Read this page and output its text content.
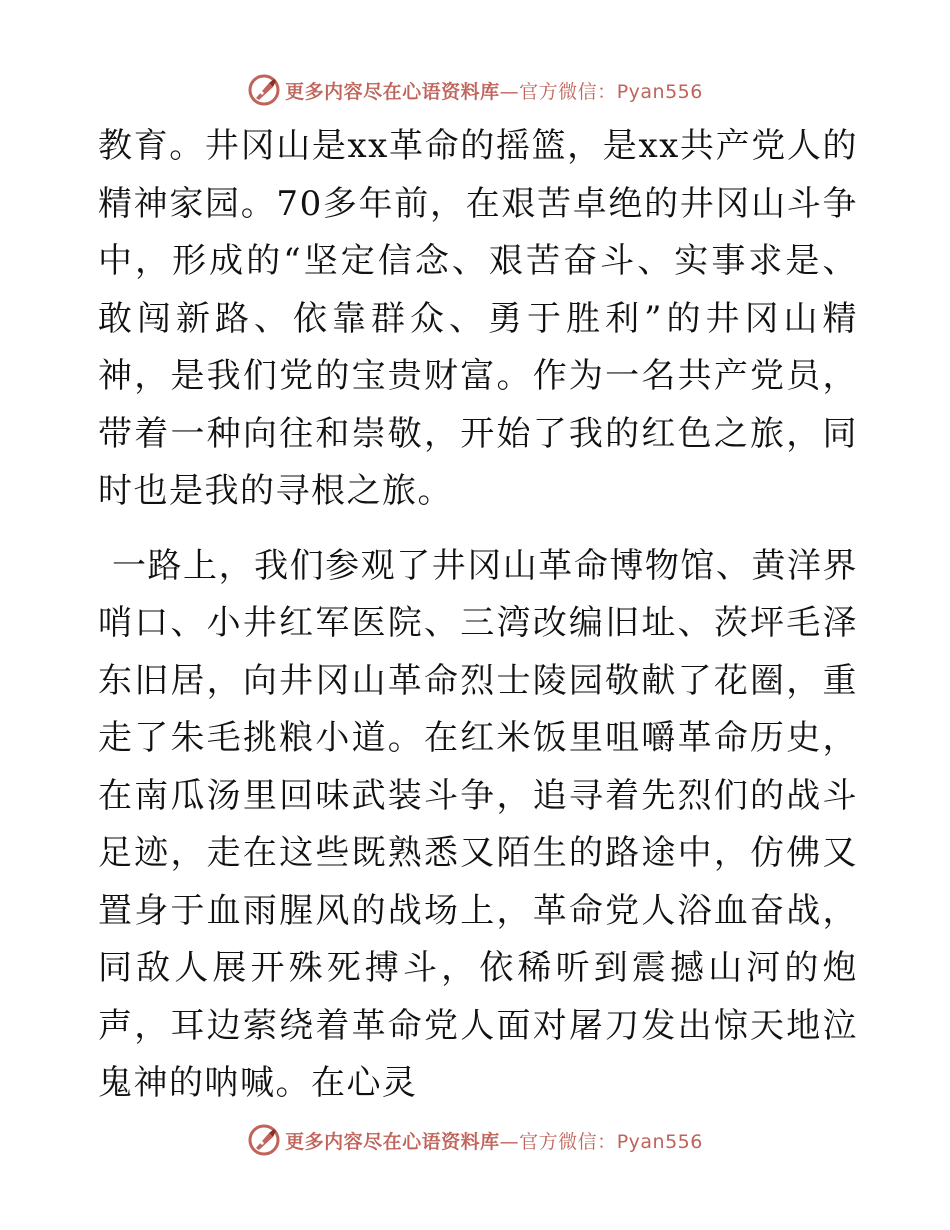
更多内容尽在心语资料库—官方微信：Pyan556

教育。井冈山是xx革命的摇篮，是xx共产党人的精神家园。70多年前，在艰苦卓绝的井冈山斗争中，形成的“坚定信念、艰苦奋斗、实事求是、敢闯新路、依靠群众、勇于胜利”的井冈山精神，是我们党的宝贵财富。作为一名共产党员，带着一种向往和崇敬，开始了我的红色之旅，同时也是我的寻根之旅。

一路上，我们参观了井冈山革命博物馆、黄洋界哨口、小井红军医院、三湾改编旧址、茨坪毛泽东旧居，向井冈山革命烈士陵园敬献了花圈，重走了朱毛挑粮小道。在红米饭里咀嚼革命历史，在南瓜汤里回味武装斗争，追寻着先烈们的战斗足迹，走在这些既熟悉又陌生的路途中，仿佛又置身于血雨腥风的战场上，革命党人浴血奋战，同敌人展开殊死搏斗，依稀听到震撼山河的炮声，耳边萦绕着革命党人面对屠刀发出惊天地泣鬼神的呐喊。在心灵

更多内容尽在心语资料库—官方微信：Pyan556
